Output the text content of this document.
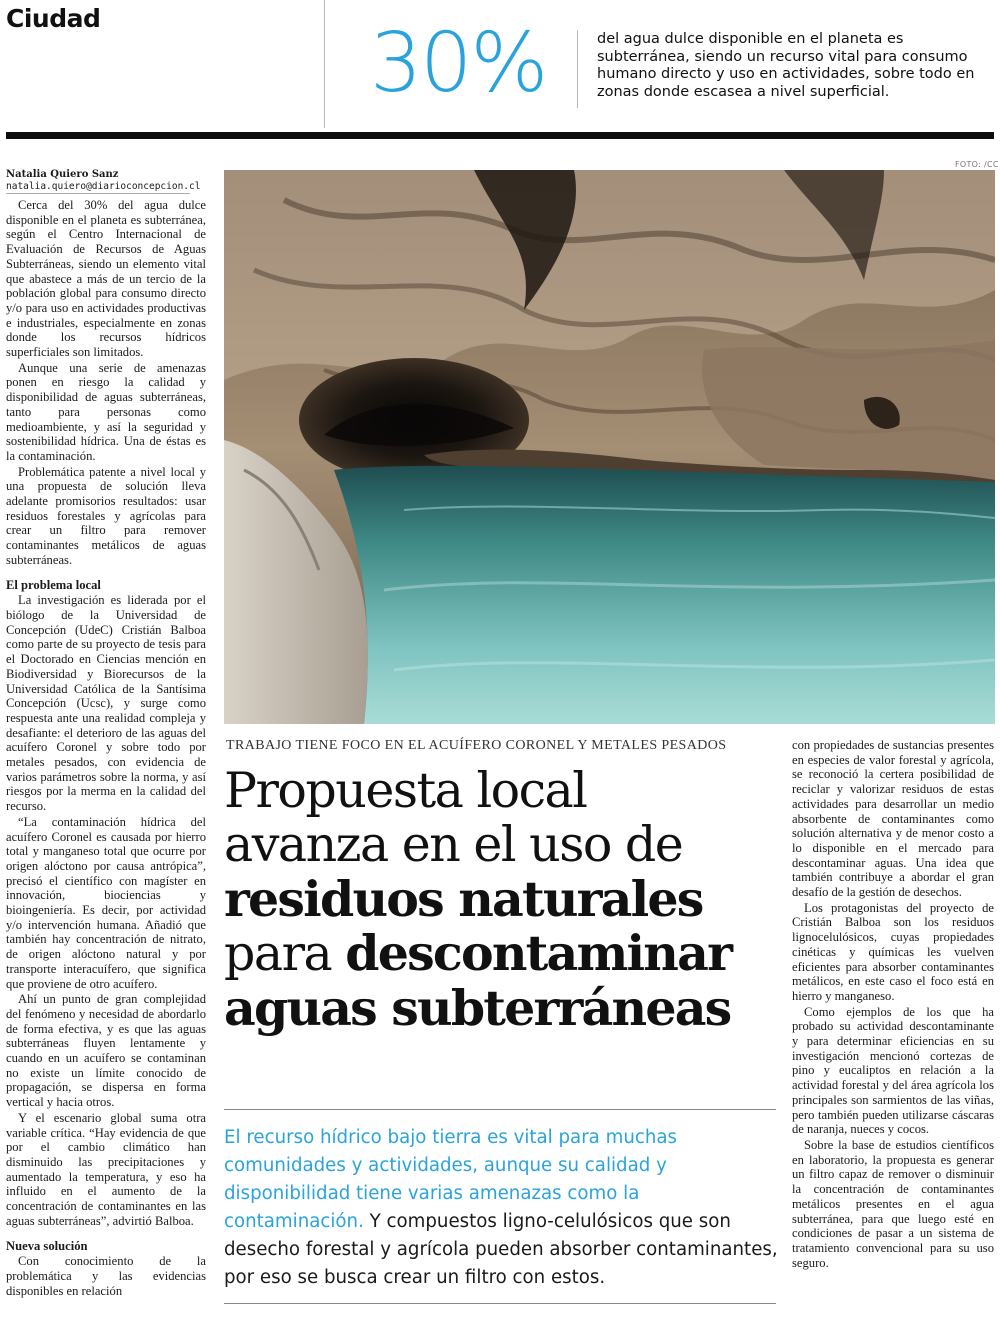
Ciudad	30%	del agua dulce disponible en el planeta es subterránea, siendo un recurso vital para consumo humano directo y uso en actividades, sobre todo en zonas donde escasea a nivel superficial.
FOTO: /CC
Natalia Quiero Sanz
natalia.quiero@diarioconcepcion.cl

Cerca del 30% del agua dulce disponible en el planeta es subterránea, según el Centro Internacional de Evaluación de Recursos de Aguas Subterráneas, siendo un elemento vital que abastece a más de un tercio de la población global para consumo directo y/o para uso en actividades productivas e industriales, especialmente en zonas donde los recursos hídricos superficiales son limitados.

Aunque una serie de amenazas ponen en riesgo la calidad y disponibilidad de aguas subterráneas, tanto para personas como medioambiente, y así la seguridad y sostenibilidad hídrica. Una de éstas es la contaminación.

Problemática patente a nivel local y una propuesta de solución lleva adelante promisorios resultados: usar residuos forestales y agrícolas para crear un filtro para remover contaminantes metálicos de aguas subterráneas.

El problema local

La investigación es liderada por el biólogo de la Universidad de Concepción (UdeC) Cristián Balboa como parte de su proyecto de tesis para el Doctorado en Ciencias mención en Biodiversidad y Biorecursos de la Universidad Católica de la Santísima Concepción (Ucsc), y surge como respuesta ante una realidad compleja y desafiante: el deterioro de las aguas del acuífero Coronel y sobre todo por metales pesados, con evidencia de varios parámetros sobre la norma, y así riesgos por la merma en la calidad del recurso.

“La contaminación hídrica del acuífero Coronel es causada por hierro total y manganeso total que ocurre por origen alóctono por causa antrópica”, precisó el científico con magíster en innovación, biociencias y bioingeniería. Es decir, por actividad y/o intervención humana. Añadió que también hay concentración de nitrato, de origen alóctono natural y por transporte interacuífero, que significa que proviene de otro acuífero.

Ahí un punto de gran complejidad del fenómeno y necesidad de abordarlo de forma efectiva, y es que las aguas subterráneas fluyen lentamente y cuando en un acuífero se contaminan no existe un límite conocido de propagación, se dispersa en forma vertical y hacia otros.

Y el escenario global suma otra variable crítica. “Hay evidencia de que por el cambio climático han disminuido las precipitaciones y aumentado la temperatura, y eso ha influido en el aumento de la concentración de contaminantes en las aguas subterráneas”, advirtió Balboa.

Nueva solución

Con conocimiento de la problemática y las evidencias disponibles en relación

TRABAJO TIENE FOCO EN EL ACUÍFERO CORONEL Y METALES PESADOS
Propuesta local
avanza en el uso de
residuos naturales
para descontaminar
aguas subterráneas
El recurso hídrico bajo tierra es vital para muchas comunidades y actividades, aunque su calidad y disponibilidad tiene varias amenazas como la contaminación. Y compuestos ligno-celulósicos que son desecho forestal y agrícola pueden absorber contaminantes, por eso se busca crear un filtro con estos.

con propiedades de sustancias presentes en especies de valor forestal y agrícola, se reconoció la certera posibilidad de reciclar y valorizar residuos de estas actividades para desarrollar un medio absorbente de contaminantes como solución alternativa y de menor costo a lo disponible en el mercado para descontaminar aguas. Una idea que también contribuye a abordar el gran desafío de la gestión de desechos.

Los protagonistas del proyecto de Cristián Balboa son los residuos lignocelulósicos, cuyas propiedades cinéticas y químicas les vuelven eficientes para absorber contaminantes metálicos, en este caso el foco está en hierro y manganeso.

Como ejemplos de los que ha probado su actividad descontaminante y para determinar eficiencias en su investigación mencionó cortezas de pino y eucaliptos en relación a la actividad forestal y del área agrícola los principales son sarmientos de las viñas, pero también pueden utilizarse cáscaras de naranja, nueces y cocos.

Sobre la base de estudios científicos en laboratorio, la propuesta es generar un filtro capaz de remover o disminuir la concentración de contaminantes metálicos presentes en el agua subterránea, para que luego esté en condiciones de pasar a un sistema de tratamiento convencional para su uso seguro.
